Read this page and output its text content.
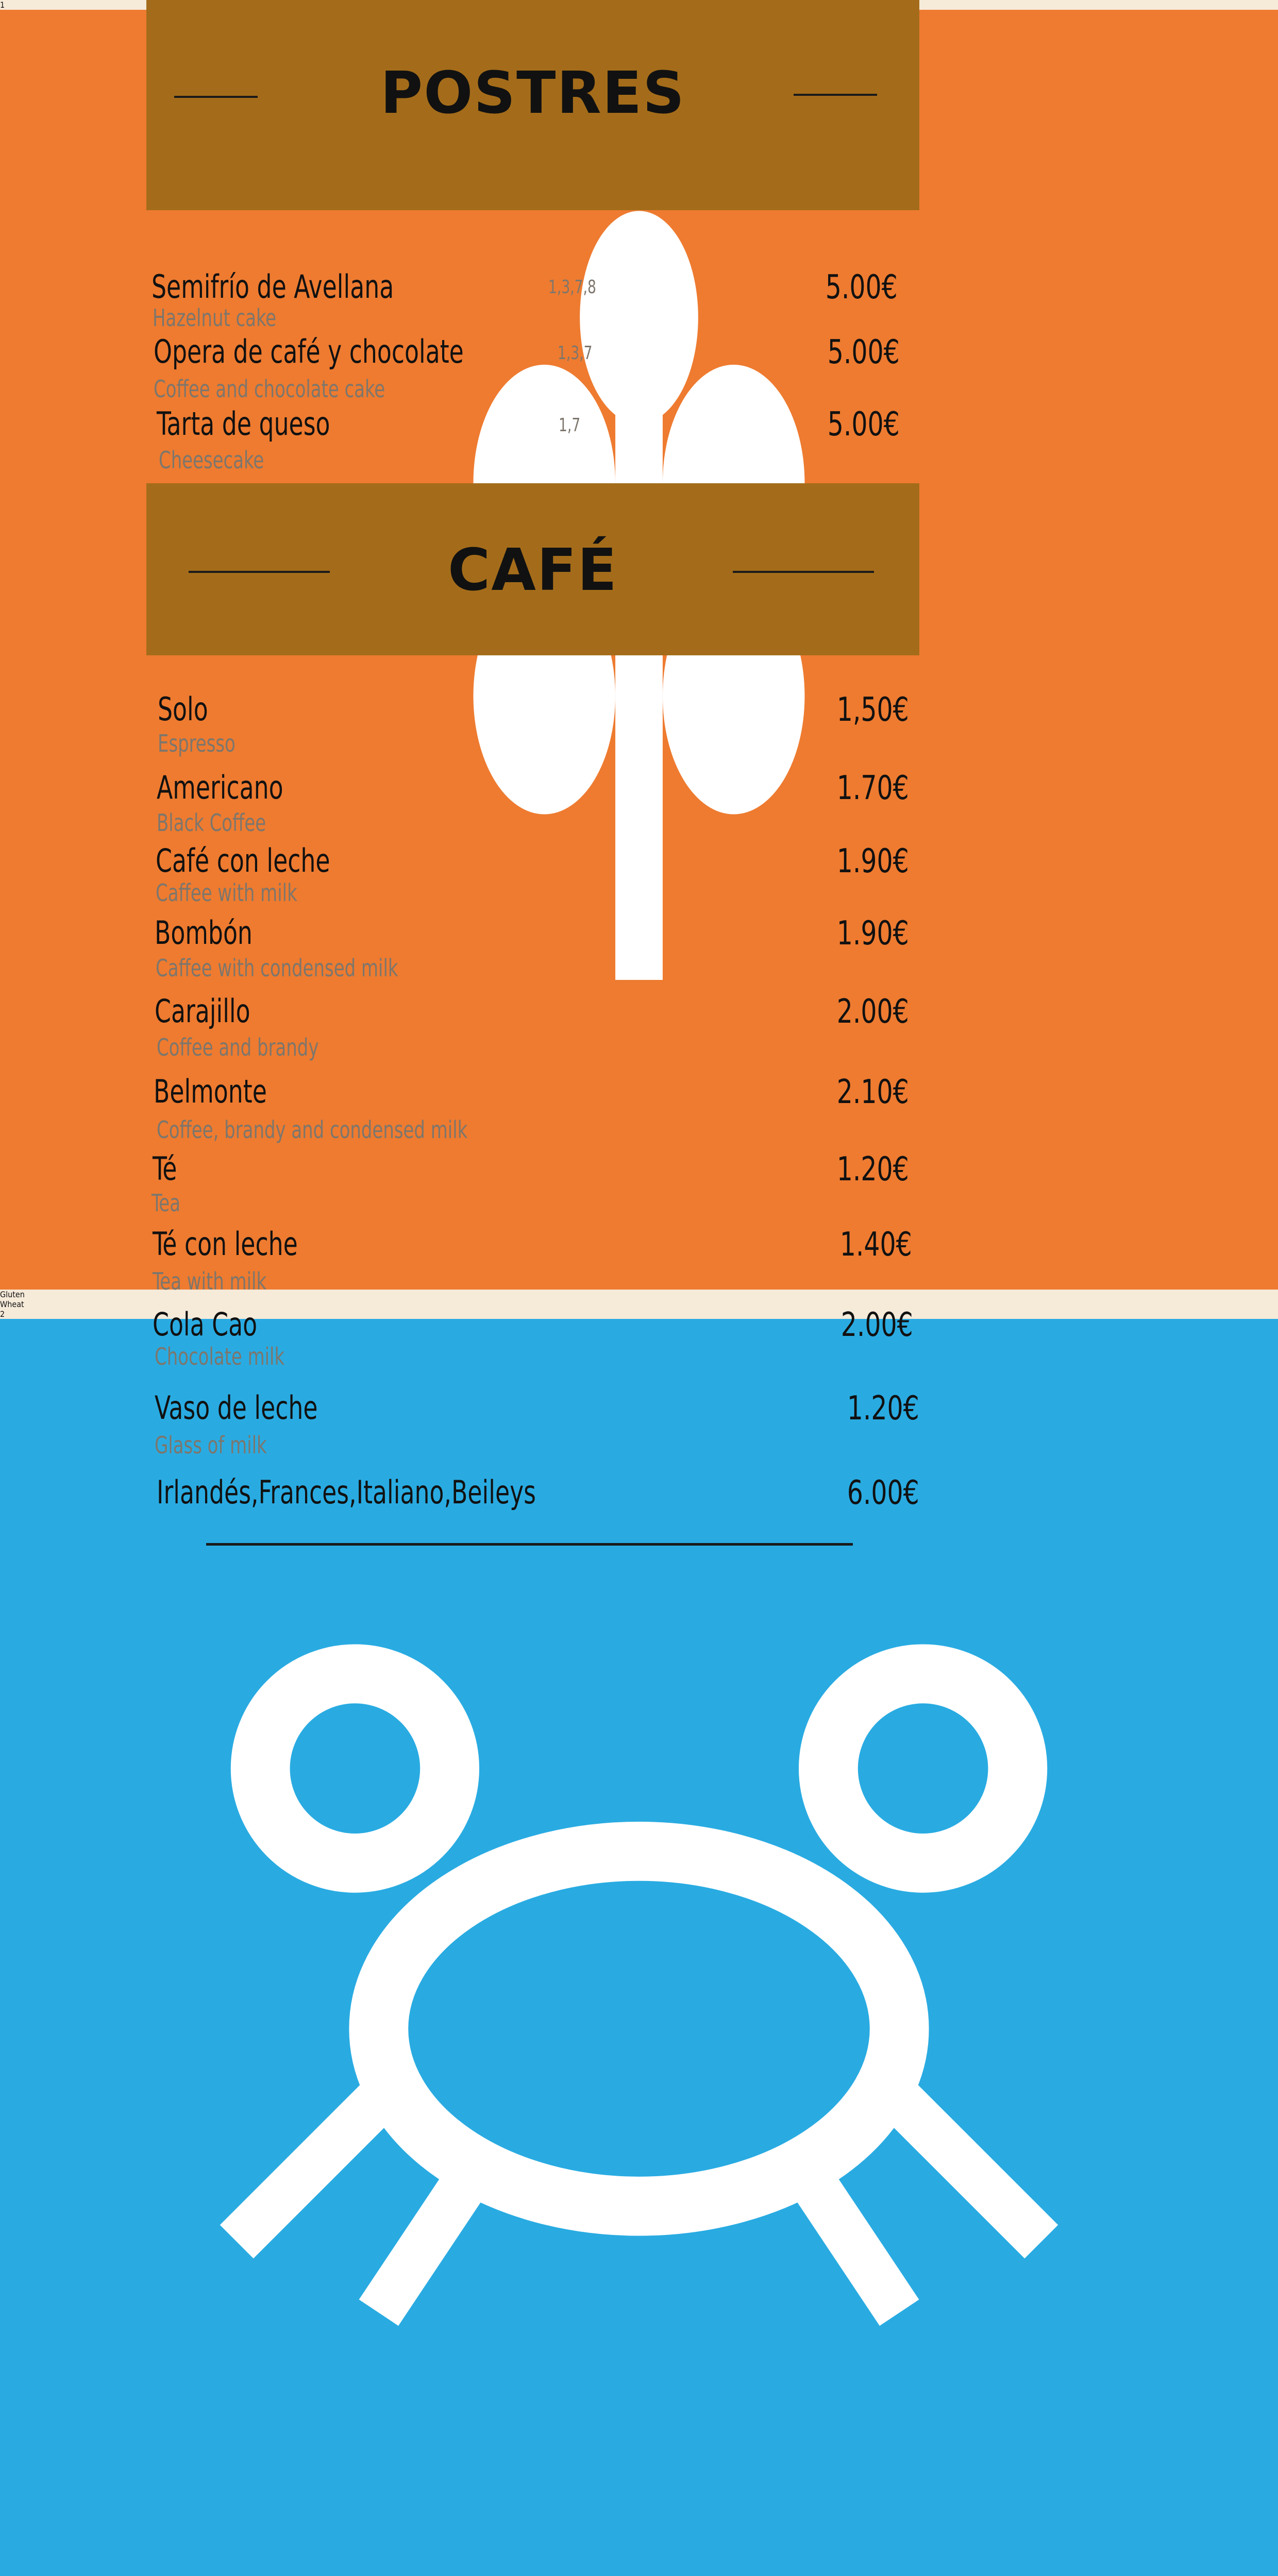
POSTRES
Semifrío de Avellana	1,3,7,8	5.00€
Hazelnut cake
Opera de café y chocolate	1,3,7	5.00€
Coffee and chocolate cake
Tarta de queso	1,7	5.00€
Cheesecake
CAFÉ
Solo	1,50€
Espresso
Americano	1.70€
Black Coffee
Café con leche	1.90€
Caffee with milk
Bombón	1.90€
Caffee with condensed milk
Carajillo	2.00€
Coffee and brandy
Belmonte	2.10€
Coffee, brandy and condensed milk
Té	1.20€
Tea
Té con leche	1.40€
Tea with milk
Cola Cao	2.00€
Chocolate milk
Vaso de leche	1.20€
Glass of milk
Irlandés,Frances,Italiano,Beileys	6.00€
1
Gluten
Wheat
2
